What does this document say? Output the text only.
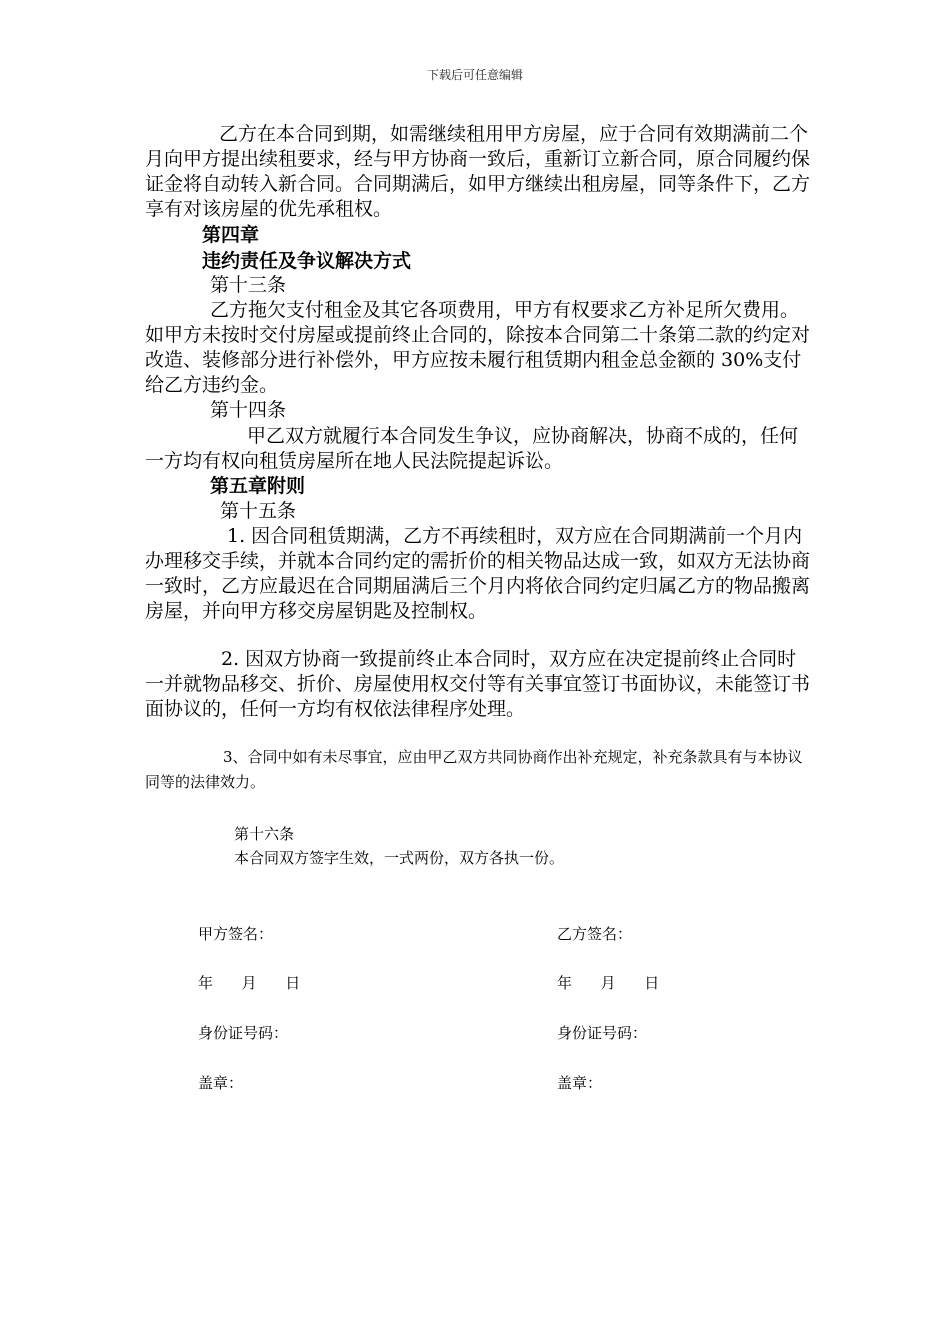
下载后可任意编辑

乙方在本合同到期，如需继续租用甲方房屋，应于合同有效期满前二个月向甲方提出续租要求，经与甲方协商一致后，重新订立新合同，原合同履约保证金将自动转入新合同。合同期满后，如甲方继续出租房屋，同等条件下，乙方享有对该房屋的优先承租权。

第四章
违约责任及争议解决方式
第十三条

乙方拖欠支付租金及其它各项费用，甲方有权要求乙方补足所欠费用。如甲方未按时交付房屋或提前终止合同的，除按本合同第二十条第二款的约定对改造、装修部分进行补偿外，甲方应按未履行租赁期内租金总金额的 30%支付给乙方违约金。

第十四条

甲乙双方就履行本合同发生争议，应协商解决，协商不成的，任何一方均有权向租赁房屋所在地人民法院提起诉讼。

第五章附则
第十五条

1. 因合同租赁期满，乙方不再续租时，双方应在合同期满前一个月内办理移交手续，并就本合同约定的需折价的相关物品达成一致，如双方无法协商一致时，乙方应最迟在合同期届满后三个月内将依合同约定归属乙方的物品搬离房屋，并向甲方移交房屋钥匙及控制权。

2. 因双方协商一致提前终止本合同时，双方应在决定提前终止合同时一并就物品移交、折价、房屋使用权交付等有关事宜签订书面协议，未能签订书面协议的，任何一方均有权依法律程序处理。

3、合同中如有未尽事宜，应由甲乙双方共同协商作出补充规定，补充条款具有与本协议同等的法律效力。
第十六条
本合同双方签字生效，一式两份，双方各执一份。
甲方签名：	乙方签名：
年      月      日	年      月      日
身份证号码：	身份证号码：
盖章：	盖章：
